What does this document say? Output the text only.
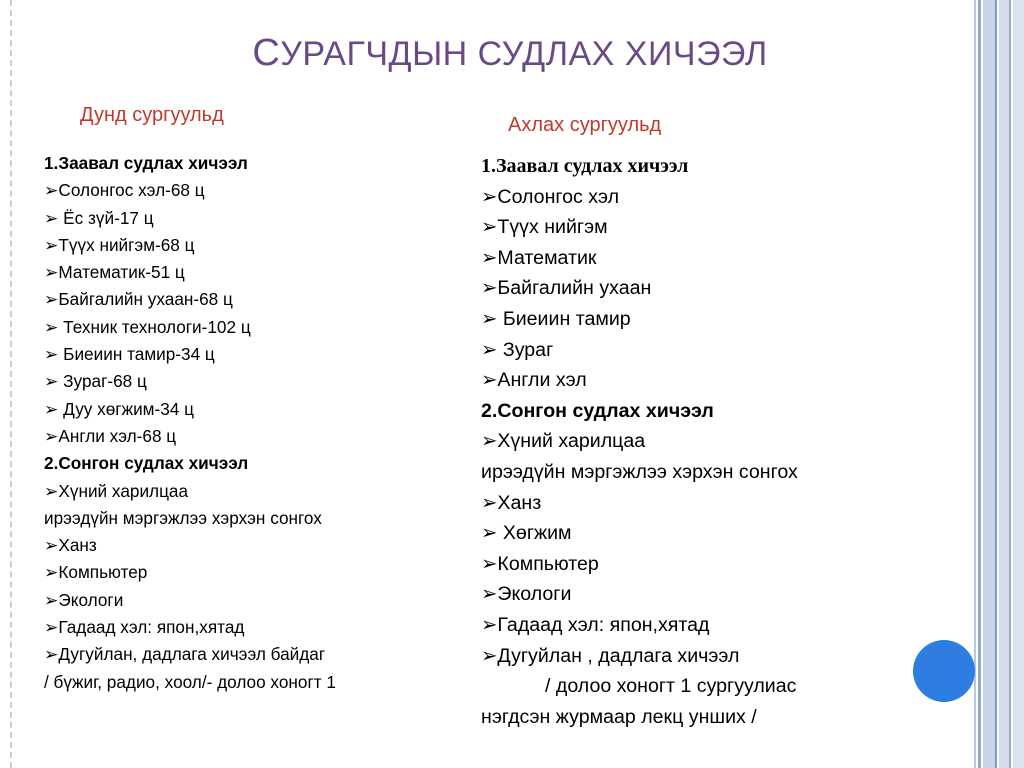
СУРАГЧДЫН СУДЛАХ ХИЧЭЭЛ
Дунд сургуульд	Ахлах сургуульд
1.Заавал судлах хичээл
➢Солонгос хэл-68 ц
➢ Ёс зүй-17 ц
➢Түүх нийгэм-68 ц
➢Математик-51 ц
➢Байгалийн ухаан-68 ц
➢ Техник технологи-102 ц
➢ Биеиин тамир-34 ц
➢ Зураг-68 ц
➢ Дуу хөгжим-34 ц
➢Англи хэл-68 ц
2.Сонгон судлах хичээл
➢Хүний харилцаа
ирээдүйн мэргэжлээ хэрхэн сонгох
➢Ханз
➢Компьютер
➢Экологи
➢Гадаад хэл: япон,хятад
➢Дугуйлан, дадлага хичээл байдаг
/ бүжиг, радио, хоол/- долоо хоногт 1
1.Заавал судлах хичээл
➢Солонгос хэл
➢Түүх нийгэм
➢Математик
➢Байгалийн ухаан
➢ Биеиин тамир
➢ Зураг
➢Англи хэл
2.Сонгон судлах хичээл
➢Хүний харилцаа
ирээдүйн мэргэжлээ хэрхэн сонгох
➢Ханз
➢ Хөгжим
➢Компьютер
➢Экологи
➢Гадаад хэл: япон,хятад
➢Дугуйлан , дадлага хичээл
/ долоо хоногт 1 сургуулиас
нэгдсэн журмаар лекц унших /
